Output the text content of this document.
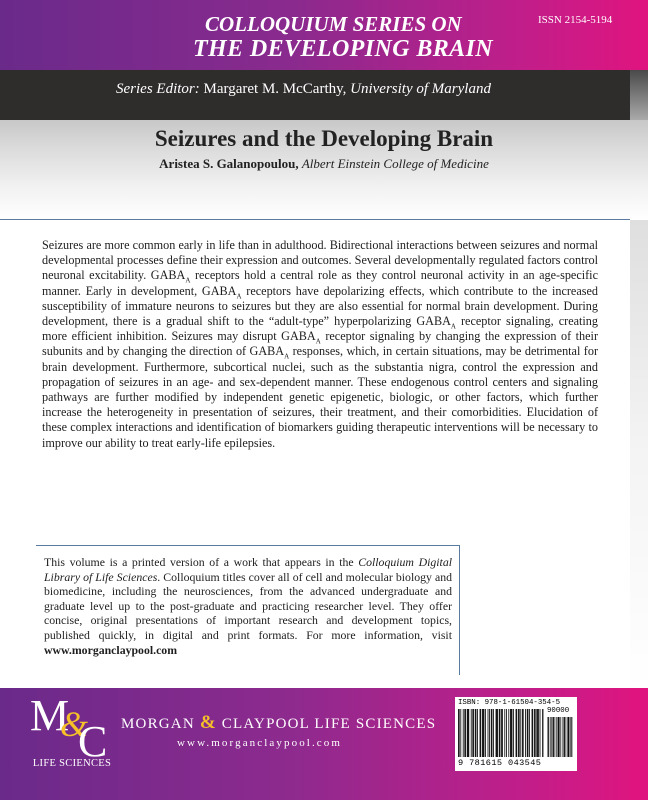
COLLOQUIUM SERIES ON
THE DEVELOPING BRAIN
ISSN 2154-5194
Series Editor: Margaret M. McCarthy, University of Maryland
Seizures and the Developing Brain
Aristea S. Galanopoulou, Albert Einstein College of Medicine
Seizures are more common early in life than in adulthood. Bidirectional interactions between seizures and normal developmental processes define their expression and outcomes. Several developmentally regulated factors control neuronal excitability. $GABA_A$ receptors hold a central role as they control neuronal activity in an age-specific manner. Early in development, $GABA_A$ receptors have depolarizing effects, which contribute to the increased susceptibility of immature neurons to seizures but they are also essential for normal brain development. During development, there is a gradual shift to the “adult-type” hyperpolarizing $GABA_A$ receptor signaling, creating more efficient inhibition. Seizures may disrupt $GABA_A$ receptor signaling by changing the expression of their subunits and by changing the direction of $GABA_A$ responses, which, in certain situations, may be detrimental for brain development. Furthermore, subcortical nuclei, such as the substantia nigra, control the expression and propagation of seizures in an age- and sex-dependent manner. These endogenous control centers and signaling pathways are further modified by independent genetic epigenetic, biologic, or other factors, which further increase the heterogeneity in presentation of seizures, their treatment, and their comorbidities. Elucidation of these complex interactions and identification of biomarkers guiding therapeutic interventions will be necessary to improve our ability to treat early-life epilepsies.
This volume is a printed version of a work that appears in the Colloquium Digital Library of Life Sciences. Colloquium titles cover all of cell and molecular biology and biomedicine, including the neurosciences, from the advanced undergraduate and graduate level up to the post-graduate and practicing researcher level. They offer concise, original presentations of important research and development topics, published quickly, in digital and print formats. For more information, visit www.morganclaypool.com
M
&
C
LIFE SCIENCES
MORGAN & CLAYPOOL LIFE SCIENCES
www.morganclaypool.com
ISBN: 978-1-61504-354-5
90000
9 781615 043545
